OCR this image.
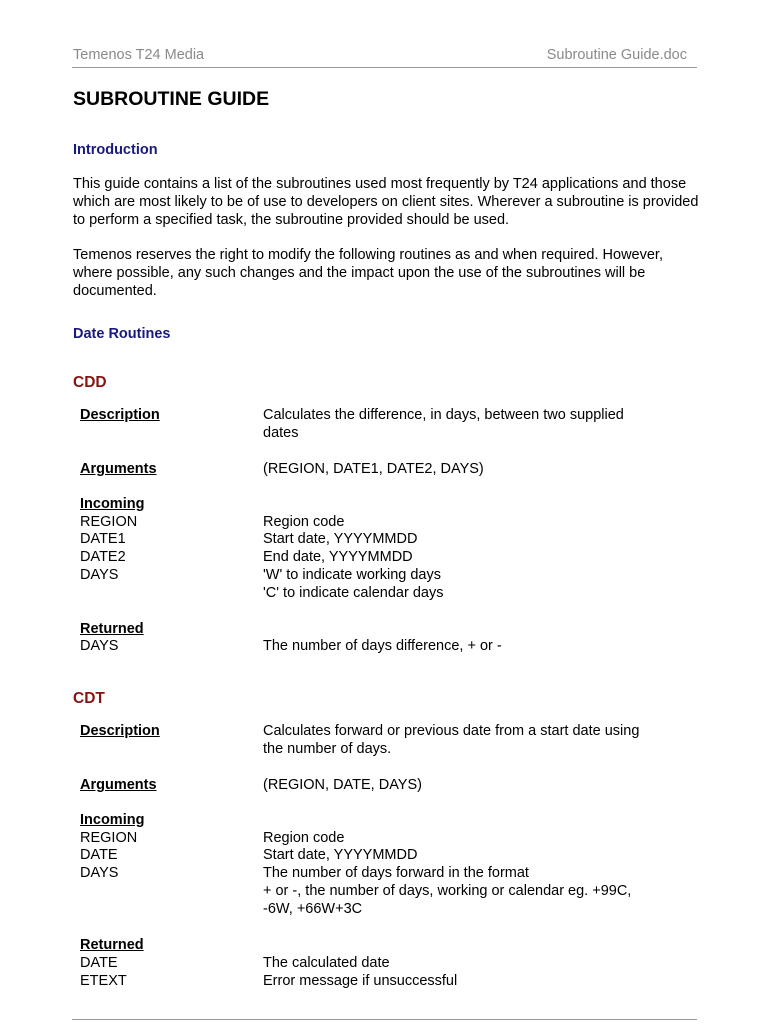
Temenos T24 Media	Subroutine Guide.doc
SUBROUTINE GUIDE
Introduction
This guide contains a list of the subroutines used most frequently by T24 applications and those which are most likely to be of use to developers on client sites. Wherever a subroutine is provided to perform a specified task, the subroutine provided should be used.
Temenos reserves the right to modify the following routines as and when required. However, where possible, any such changes and the impact upon the use of the subroutines will be documented.
Date Routines
CDD
Description	Calculates the difference, in days, between two supplied dates
Arguments	(REGION, DATE1, DATE2, DAYS)
Incoming
REGION	Region code
DATE1	Start date, YYYYMMDD
DATE2	End date, YYYYMMDD
DAYS	'W' to indicate working days
'C' to indicate calendar days
Returned
DAYS	The number of days difference, + or -
CDT
Description	Calculates forward or previous date from a start date using the number of days.
Arguments	(REGION, DATE, DAYS)
Incoming
REGION	Region code
DATE	Start date, YYYYMMDD
DAYS	The number of days forward in the format
+ or -, the number of days, working or calendar eg. +99C, -6W, +66W+3C
Returned
DATE	The calculated date
ETEXT	Error message if unsuccessful
